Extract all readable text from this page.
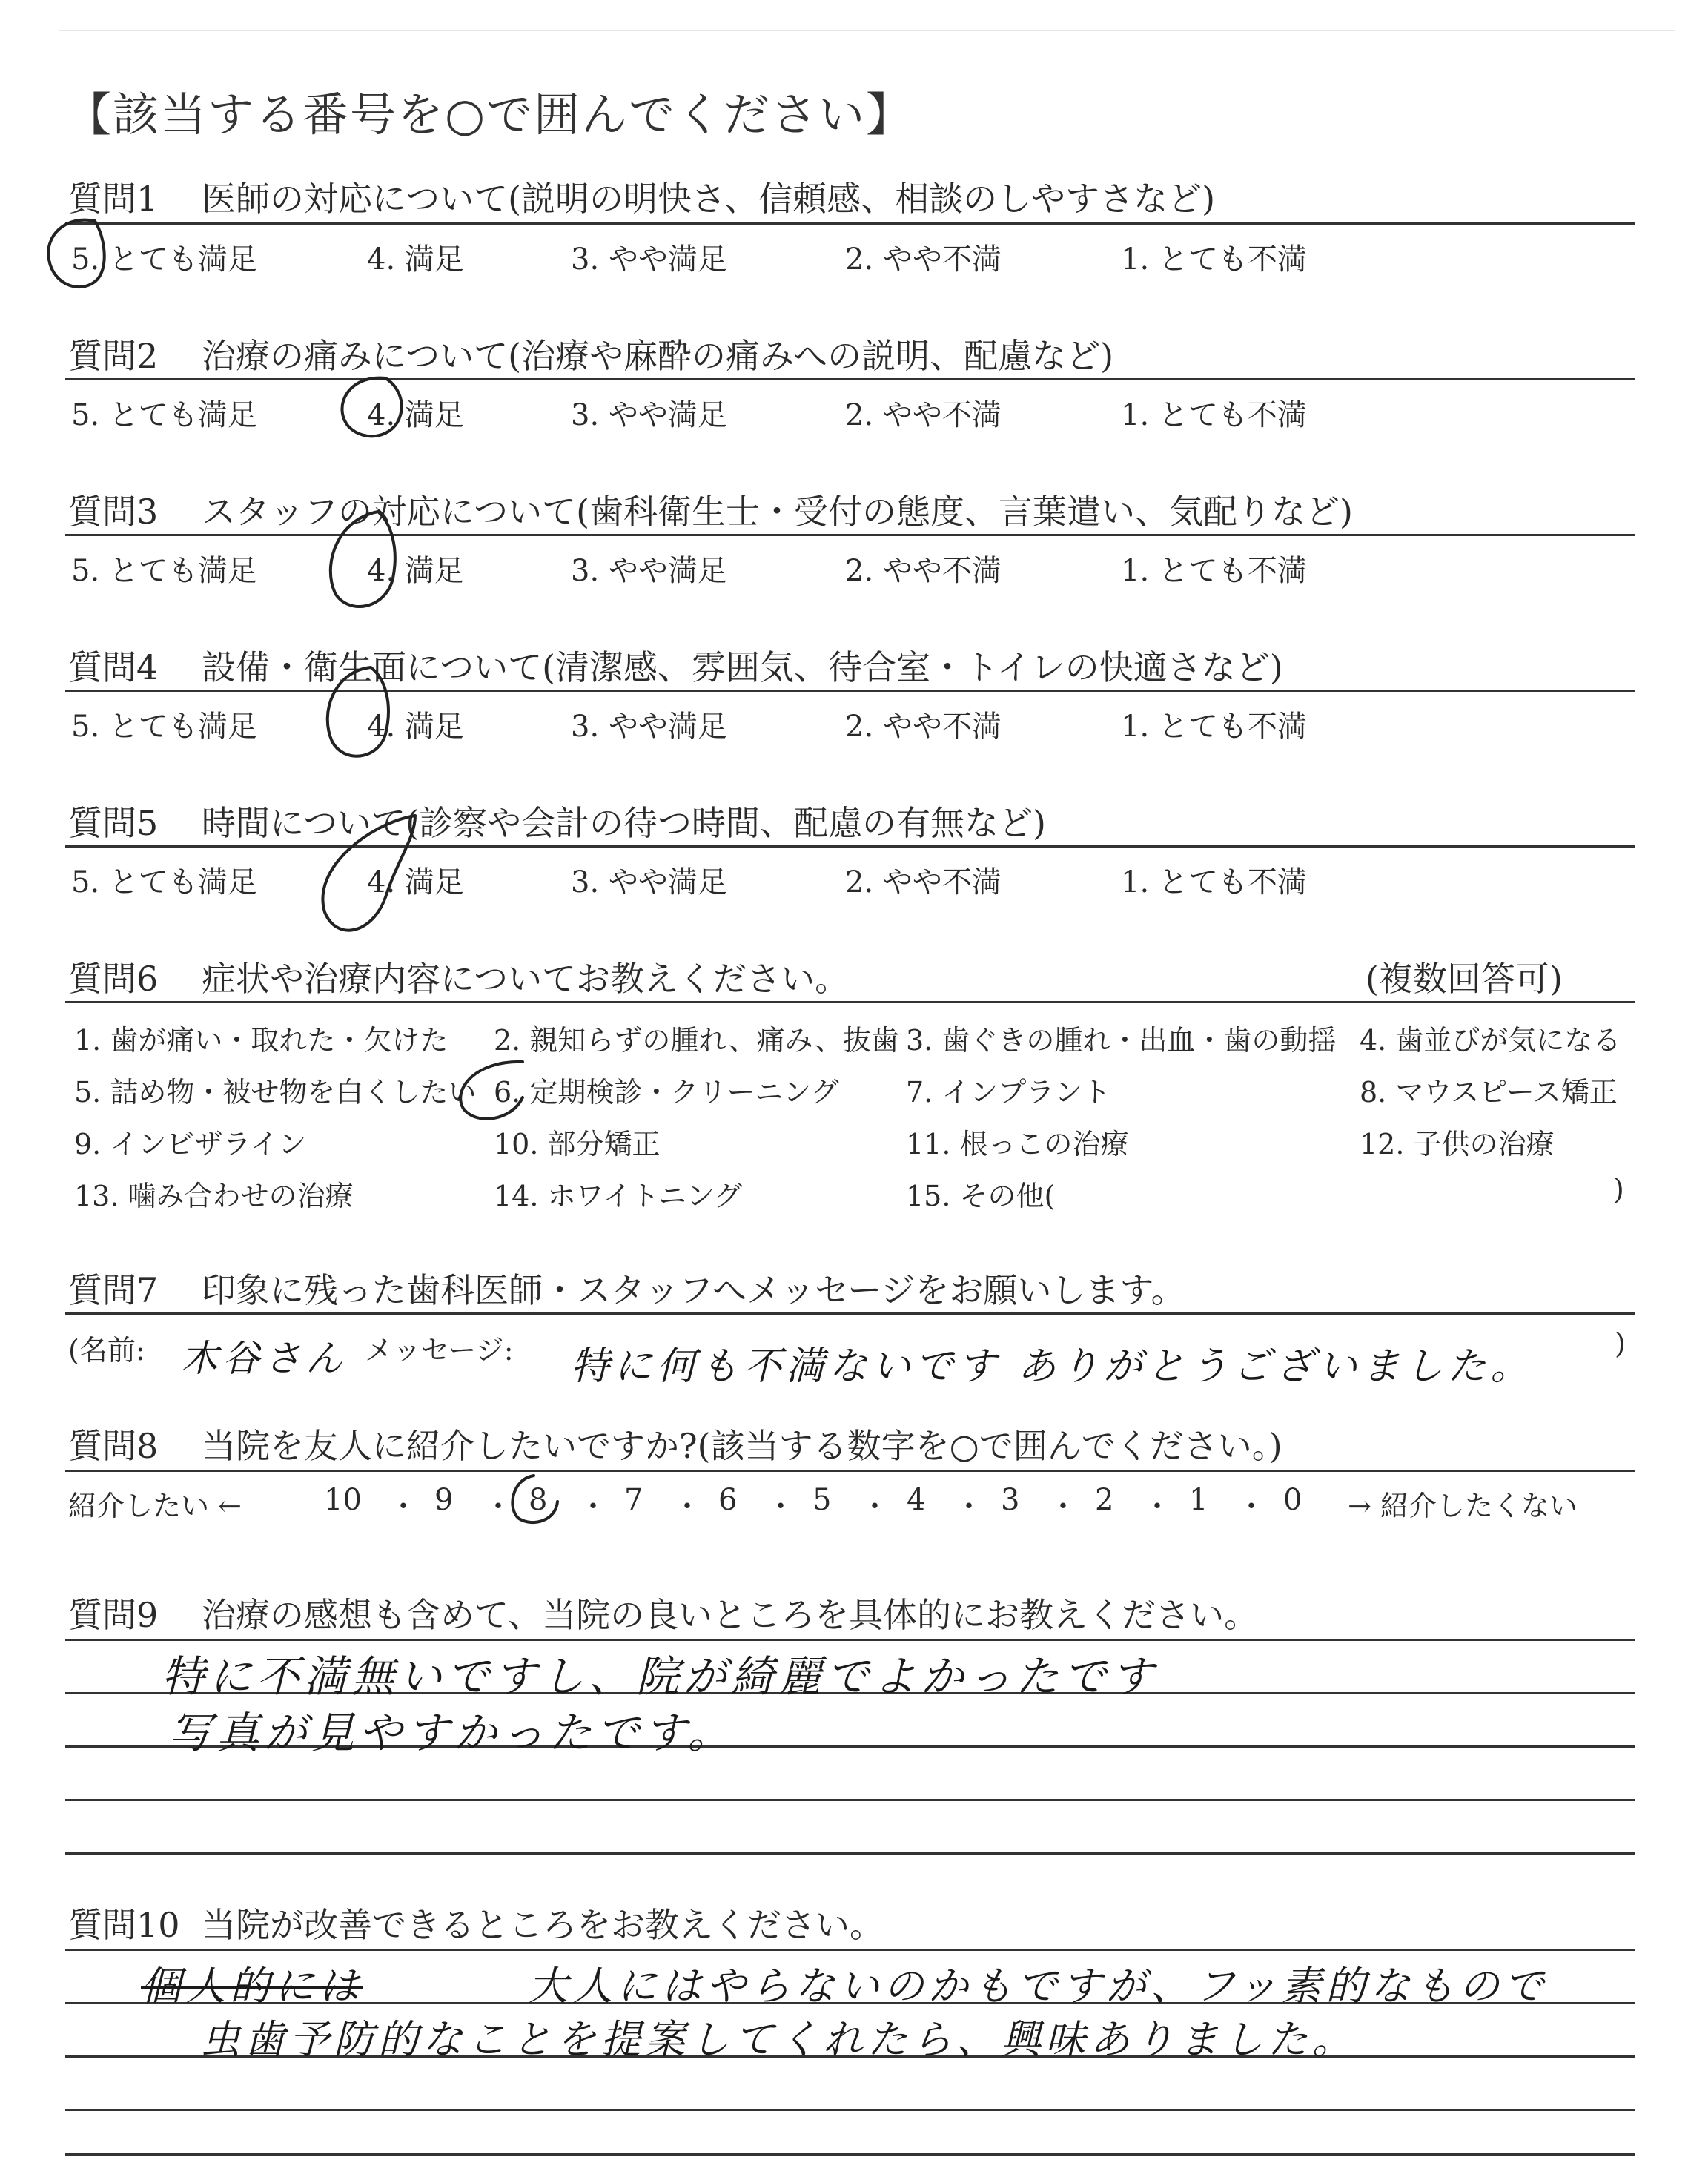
【該当する番号を○で囲んでください】
質問1 医師の対応について(説明の明快さ、信頼感、相談のしやすさなど)
5. とても満足	4. 満足	3. やや満足	2. やや不満	1. とても不満
質問2 治療の痛みについて(治療や麻酔の痛みへの説明、配慮など)
5. とても満足	4. 満足	3. やや満足	2. やや不満	1. とても不満
質問3 スタッフの対応について(歯科衛生士・受付の態度、言葉遣い、気配りなど)
5. とても満足	4. 満足	3. やや満足	2. やや不満	1. とても不満
質問4 設備・衛生面について(清潔感、雰囲気、待合室・トイレの快適さなど)
5. とても満足	4. 満足	3. やや満足	2. やや不満	1. とても不満
質問5 時間について(診察や会計の待つ時間、配慮の有無など)
5. とても満足	4. 満足	3. やや満足	2. やや不満	1. とても不満
質問6 症状や治療内容についてお教えください。	(複数回答可)
1. 歯が痛い・取れた・欠けた 2. 親知らずの腫れ、痛み、抜歯 3. 歯ぐきの腫れ・出血・歯の動揺 4. 歯並びが気になる
5. 詰め物・被せ物を白くしたい 6. 定期検診・クリーニング 7. インプラント	8. マウスピース矯正
9. インビザライン	10. 部分矯正	11. 根っこの治療	12. 子供の治療
13. 噛み合わせの治療	14. ホワイトニング	15. その他(	)
質問7 印象に残った歯科医師・スタッフへメッセージをお願いします。
(名前: 木谷さん メッセージ: 特に何も不満ないです ありがとうございました。
)
質問8 当院を友人に紹介したいですか?(該当する数字を○で囲んでください。)
紹介したい ←	→ 紹介したくない
10 ・ 9 ・ 8 ・ 7 ・ 6 ・ 5 ・ 4 ・ 3 ・ 2 ・ 1 ・ 0
質問9 治療の感想も含めて、当院の良いところを具体的にお教えください。
特に不満無いですし、院が綺麗でよかったです
写真が見やすかったです。
質問10 当院が改善できるところをお教えください。
個人的には	大人にはやらないのかもですが、フッ素的なもので
虫歯予防的なことを提案してくれたら、興味ありました。
